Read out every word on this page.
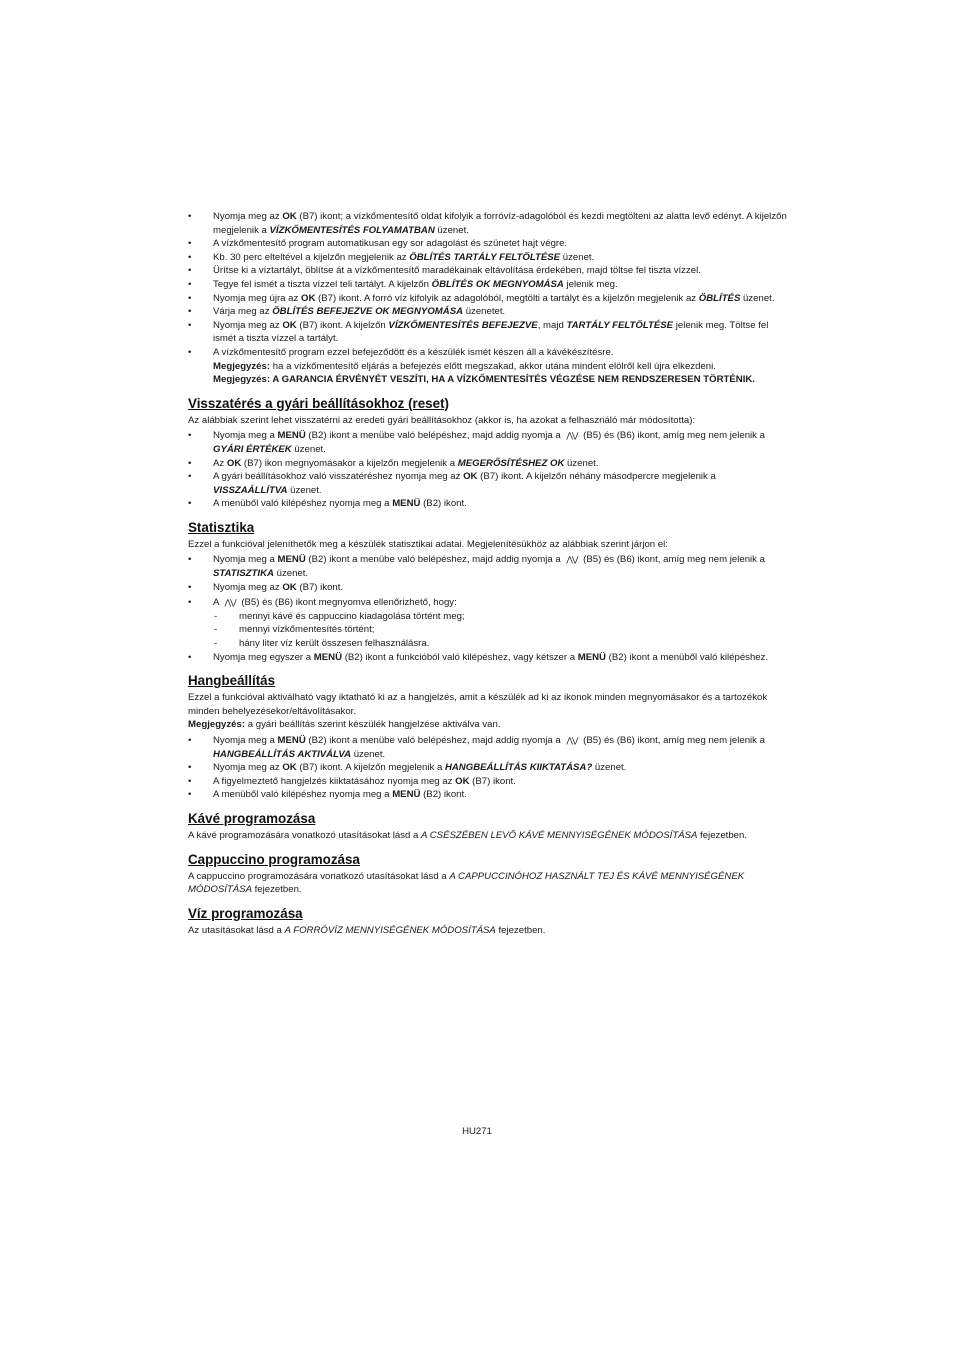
• Nyomja meg az OK (B7) ikont; a vízkőmentesítő oldat kifolyik a forróvíz-adagolóból és kezdi megtölteni az alatta levő edényt. A kijelzőn megjelenik a VÍZKŐMENTESÍTÉS FOLYAMATBAN üzenet.
• A vízkőmentesítő program automatikusan egy sor adagolást és szünetet hajt végre.
• Kb. 30 perc elteltével a kijelzőn megjelenik az ÖBLÍTÉS TARTÁLY FELTÖLTÉSE üzenet.
• Ürítse ki a víztartályt, öblítse át a vízkőmentesítő maradékainak eltávolítása érdekében, majd töltse fel tiszta vízzel.
• Tegye fel ismét a tiszta vízzel teli tartályt. A kijelzőn ÖBLÍTÉS OK MEGNYOMÁSA jelenik meg.
• Nyomja meg újra az OK (B7) ikont. A forró víz kifolyik az adagolóból, megtölti a tartályt és a kijelzőn megjelenik az ÖBLÍTÉS üzenet.
• Várja meg az ÖBLÍTÉS BEFEJEZVE OK MEGNYOMÁSA üzenetet.
• Nyomja meg az OK (B7) ikont. A kijelzőn VÍZKŐMENTESÍTÉS BEFEJEZVE, majd TARTÁLY FELTÖLTÉSE jelenik meg. Töltse fel ismét a tiszta vízzel a tartályt.
• A vízkőmentesítő program ezzel befejeződött és a készülék ismét készen áll a kávékészítésre.
Megjegyzés: ha a vízkőmentesítő eljárás a befejezés előtt megszakad, akkor utána mindent elölről kell újra elkezdeni.
Megjegyzés: A GARANCIA ÉRVÉNYÉT VESZÍTI, HA A VÍZKŐMENTESÍTÉS VÉGZÉSE NEM RENDSZERESEN TÖRTÉNIK.
Visszatérés a gyári beállításokhoz (reset)

Az alábbiak szerint lehet visszatérni az eredeti gyári beállításokhoz (akkor is, ha azokat a felhasználó már módosította):

• Nyomja meg a MENÜ (B2) ikont a menübe való belépéshez, majd addig nyomja a ⋀⋁ (B5) és (B6) ikont, amíg meg nem jelenik a GYÁRI ÉRTÉKEK üzenet.
• Az OK (B7) ikon megnyomásakor a kijelzőn megjelenik a MEGERŐSÍTÉSHEZ OK üzenet.
• A gyári beállításokhoz való visszatéréshez nyomja meg az OK (B7) ikont. A kijelzőn néhány másodpercre megjelenik a VISSZAÁLLÍTVA üzenet.
• A menüből való kilépéshez nyomja meg a MENÜ (B2) ikont.
Statisztika

Ezzel a funkcióval jeleníthetők meg a készülék statisztikai adatai. Megjelenítésükhöz az alábbiak szerint járjon el:

• Nyomja meg a MENÜ (B2) ikont a menübe való belépéshez, majd addig nyomja a ⋀⋁ (B5) és (B6) ikont, amíg meg nem jelenik a STATISZTIKA üzenet.
• Nyomja meg az OK (B7) ikont.
• A ⋀⋁ (B5) és (B6) ikont megnyomva ellenőrizhető, hogy:
- mennyi kávé és cappuccino kiadagolása történt meg;
- mennyi vízkőmentesítés történt;
- hány liter víz került összesen felhasználásra.
• Nyomja meg egyszer a MENÜ (B2) ikont a funkcióból való kilépéshez, vagy kétszer a MENÜ (B2) ikont a menüből való kilépéshez.
Hangbeállítás

Ezzel a funkcióval aktiválható vagy iktatható ki az a hangjelzés, amit a készülék ad ki az ikonok minden megnyomásakor és a tartozékok minden behelyezésekor/eltávolításakor.

Megjegyzés: a gyári beállítás szerint készülék hangjelzése aktiválva van.

• Nyomja meg a MENÜ (B2) ikont a menübe való belépéshez, majd addig nyomja a ⋀⋁ (B5) és (B6) ikont, amíg meg nem jelenik a HANGBEÁLLÍTÁS AKTIVÁLVA üzenet.
• Nyomja meg az OK (B7) ikont. A kijelzőn megjelenik a HANGBEÁLLÍTÁS KIIKTATÁSA? üzenet.
• A figyelmeztető hangjelzés kiiktatásához nyomja meg az OK (B7) ikont.
• A menüből való kilépéshez nyomja meg a MENÜ (B2) ikont.
Kávé programozása

A kávé programozására vonatkozó utasításokat lásd a A CSÉSZÉBEN LEVŐ KÁVÉ MENNYISÉGÉNEK MÓDOSÍTÁSA fejezetben.

Cappuccino programozása

A cappuccino programozására vonatkozó utasításokat lásd a A CAPPUCCINÓHOZ HASZNÁLT TEJ ÉS KÁVÉ MENNYISÉGÉNEK MÓDOSÍTÁSA fejezetben.

Víz programozása

Az utasításokat lásd a A FORRÓVÍZ MENNYISÉGÉNEK MÓDOSÍTÁSA fejezetben.

HU271
